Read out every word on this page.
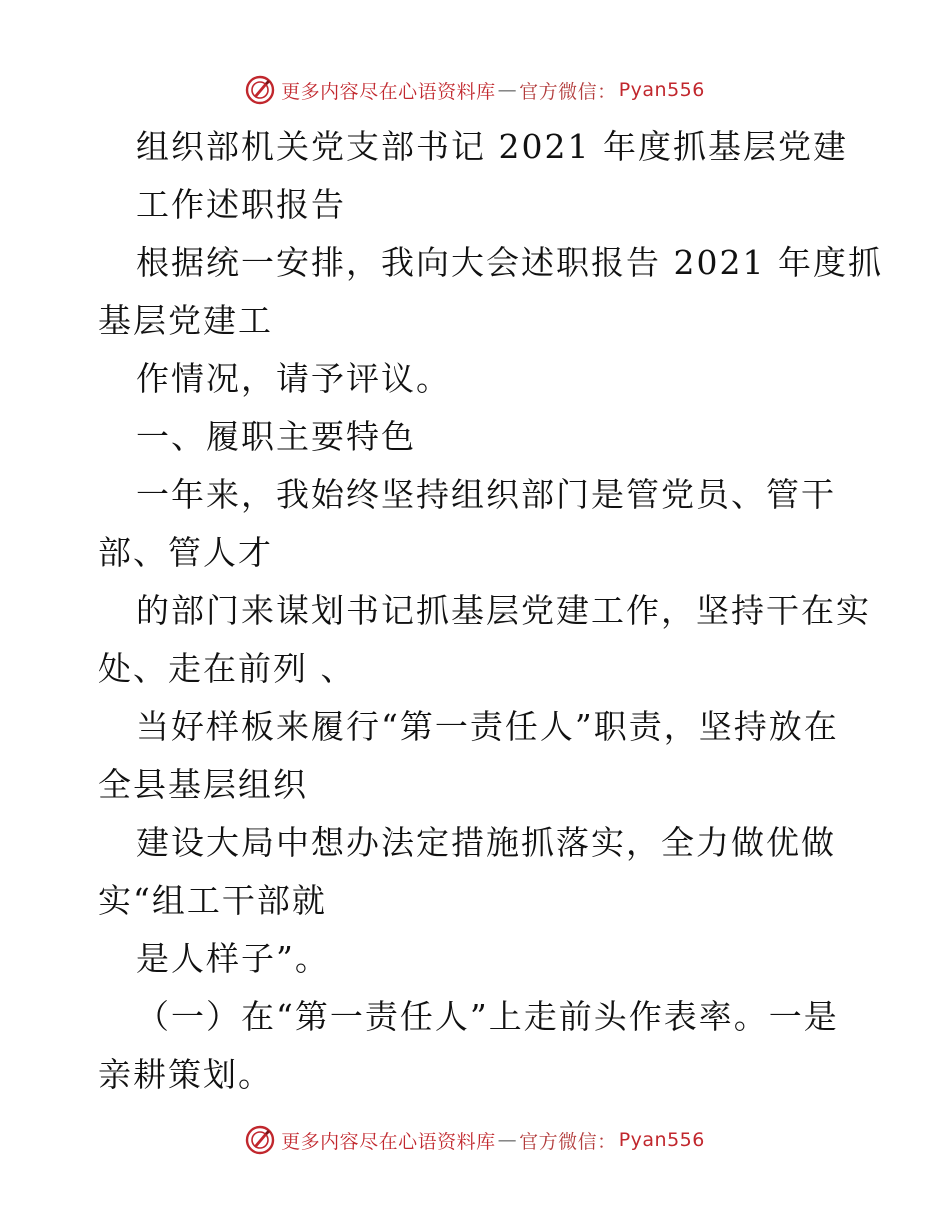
更多内容尽在心语资料库 — 官方微信： Pyan556
组织部机关党支部书记 2021 年度抓基层党建
工作述职报告
根据统一安排，我向大会述职报告 2021 年度抓
基层党建工
作情况，请予评议。
一、履职主要特色
一年来，我始终坚持组织部门是管党员、管干
部、管人才
的部门来谋划书记抓基层党建工作，坚持干在实
处、走在前列 、
当好样板来履行“第一责任人”职责，坚持放在
全县基层组织
建设大局中想办法定措施抓落实，全力做优做
实“组工干部就
是人样子”。
（一）在“第一责任人”上走前头作表率。一是
亲耕策划。
更多内容尽在心语资料库 — 官方微信： Pyan556
